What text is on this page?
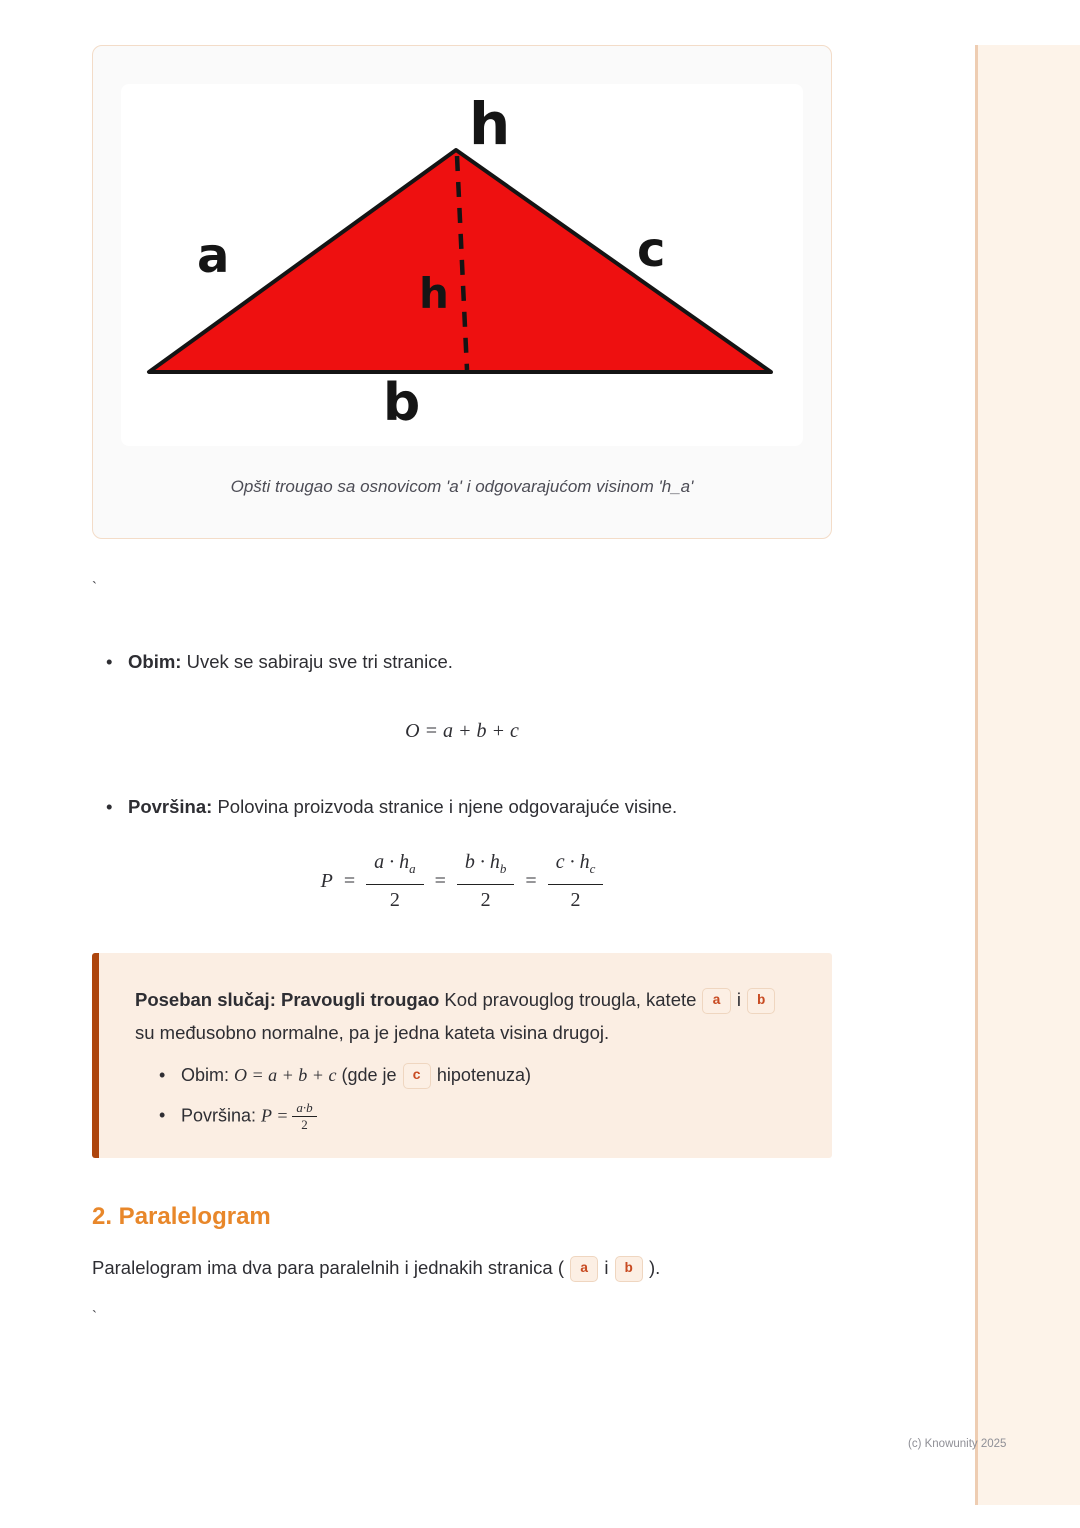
(c) Knowunity 2025
h
a	c
h
b
Opšti trougao sa osnovicom 'a' i odgovarajućom visinom 'h_a'
`
• Obim: Uvek se sabiraju sve tri stranice.
O = a + b + c
• Površina: Polovina proizvoda stranice i njene odgovarajuće visine.
$P = \frac{a \cdot h_a}{2} = \frac{b \cdot h_b}{2} = \frac{c \cdot h_c}{2}$
Poseban slučaj: Pravougli trougao Kod pravouglog trougla, katete a i b su međusobno normalne, pa je jedna kateta visina drugoj.
• Obim: O = a + b + c (gde je c hipotenuza)
• Površina: $P = \frac{a\cdot b}{2}$
2. Paralelogram
Paralelogram ima dva para paralelnih i jednakih stranica ( a i b ).
`
